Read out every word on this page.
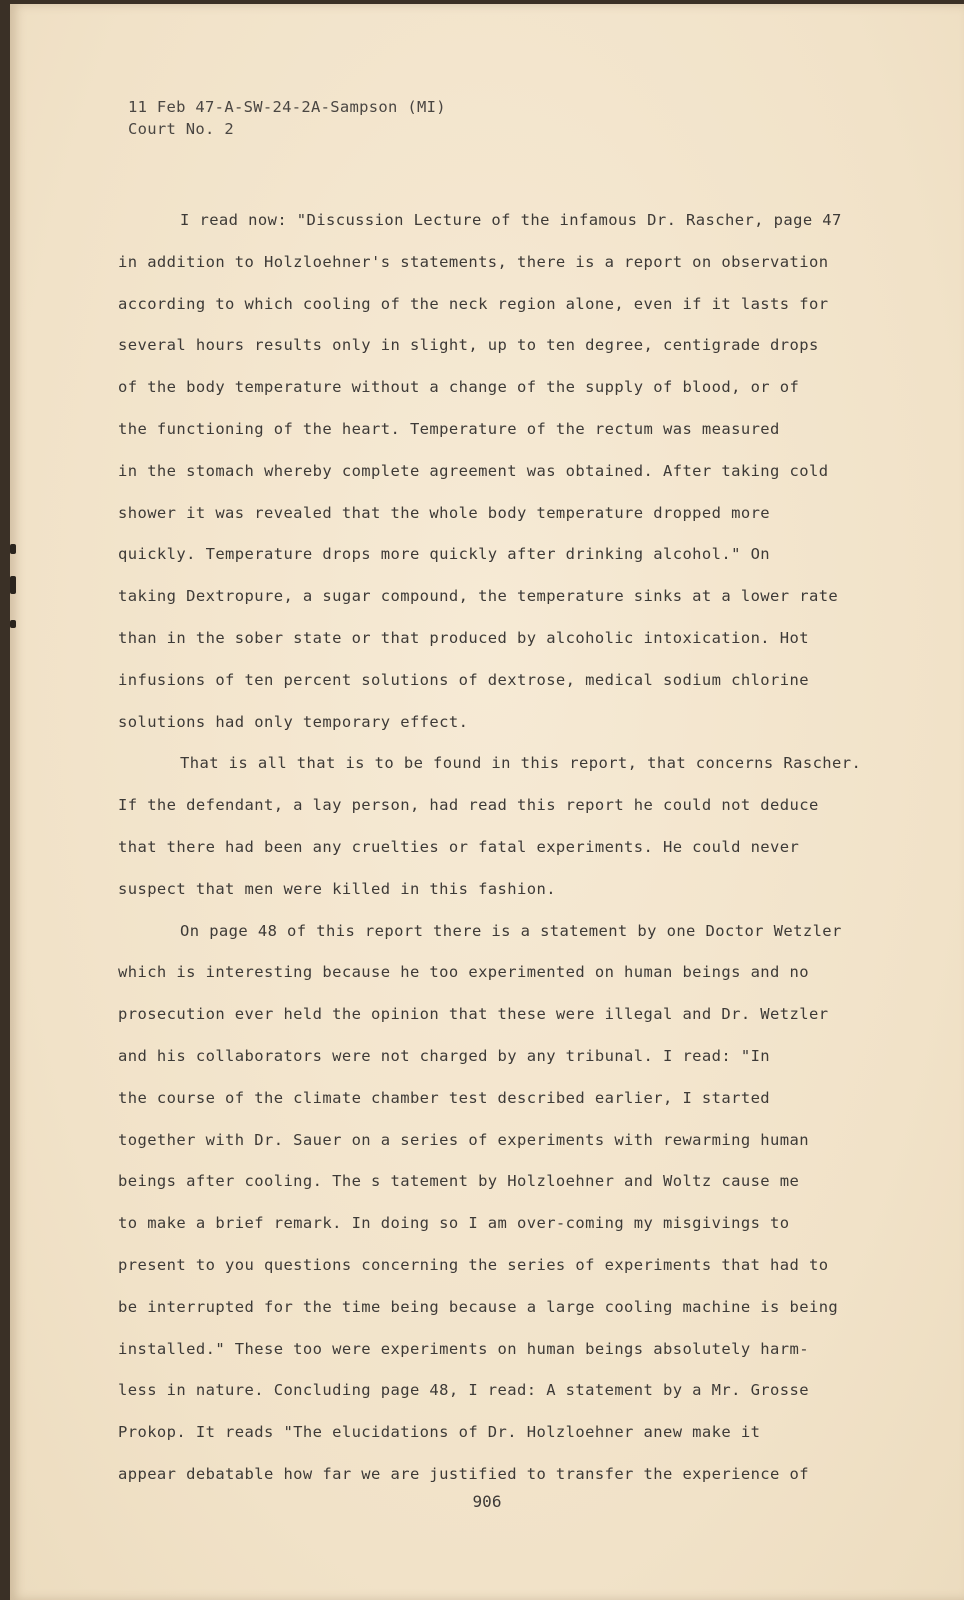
11 Feb 47-A-SW-24-2A-Sampson (MI)
Court No. 2
I read now: "Discussion Lecture of the infamous Dr. Rascher, page 47
in addition to Holzloehner's statements, there is a report on observation
according to which cooling of the neck region alone, even if it lasts for
several hours results only in slight, up to ten degree, centigrade drops
of the body temperature without a change of the supply of blood, or of
the functioning of the heart. Temperature of the rectum was measured
in the stomach whereby complete agreement was obtained. After taking cold
shower it was revealed that the whole body temperature dropped more
quickly. Temperature drops more quickly after drinking alcohol." On
taking Dextropure, a sugar compound, the temperature sinks at a lower rate
than in the sober state or that produced by alcoholic intoxication. Hot
infusions of ten percent solutions of dextrose, medical sodium chlorine
solutions had only temporary effect.
That is all that is to be found in this report, that concerns Rascher.
If the defendant, a lay person, had read this report he could not deduce
that there had been any cruelties or fatal experiments. He could never
suspect that men were killed in this fashion.
On page 48 of this report there is a statement by one Doctor Wetzler
which is interesting because he too experimented on human beings and no
prosecution ever held the opinion that these were illegal and Dr. Wetzler
and his collaborators were not charged by any tribunal. I read: "In
the course of the climate chamber test described earlier, I started
together with Dr. Sauer on a series of experiments with rewarming human
beings after cooling. The s tatement by Holzloehner and Woltz cause me
to make a brief remark. In doing so I am over-coming my misgivings to
present to you questions concerning the series of experiments that had to
be interrupted for the time being because a large cooling machine is being
installed." These too were experiments on human beings absolutely harm-
less in nature. Concluding page 48, I read: A statement by a Mr. Grosse
Prokop. It reads "The elucidations of Dr. Holzloehner anew make it
appear debatable how far we are justified to transfer the experience of
906
